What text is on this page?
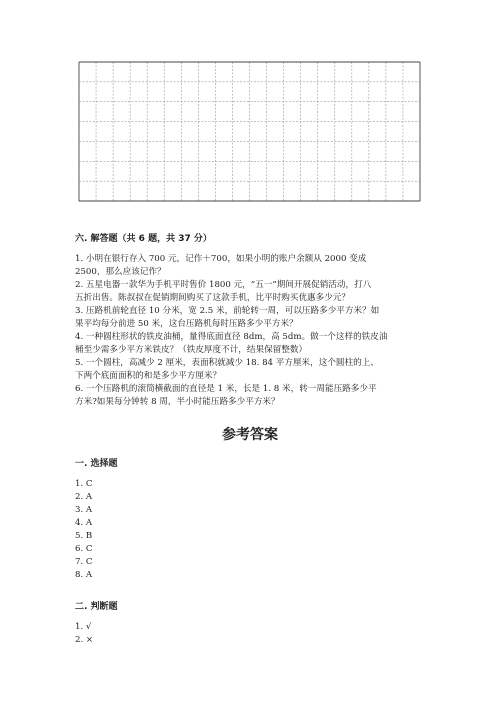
六. 解答题（共 6 题，共 37 分）
1. 小明在银行存入 700 元，记作＋700，如果小明的账户余额从 2000 变成
2500，那么应该记作？
2. 五星电器一款华为手机平时售价 1800 元，“五一”期间开展促销活动，打八
五折出售。陈叔叔在促销期间购买了这款手机，比平时购买优惠多少元？
3. 压路机前轮直径 10 分米，宽 2.5 米，前轮转一周，可以压路多少平方米？如
果平均每分前进 50 米，这台压路机每时压路多少平方米？
4. 一种圆柱形状的铁皮油桶，量得底面直径 8dm，高 5dm。做一个这样的铁皮油
桶至少需多少平方米铁皮？（铁皮厚度不计，结果保留整数）
5. 一个圆柱，高减少 2 厘米，表面积就减少 18. 84 平方厘米，这个圆柱的上、
下两个底面面积的和是多少平方厘米？
6. 一个压路机的滚筒横截面的直径是 1 米，长是 1. 8 米，转一周能压路多少平
方米?如果每分钟转 8 周，半小时能压路多少平方米？
参考答案
一. 选择题
1. C
2. A
3. A
4. A
5. B
6. C
7. C
8. A
二. 判断题
1. √
2. ×
